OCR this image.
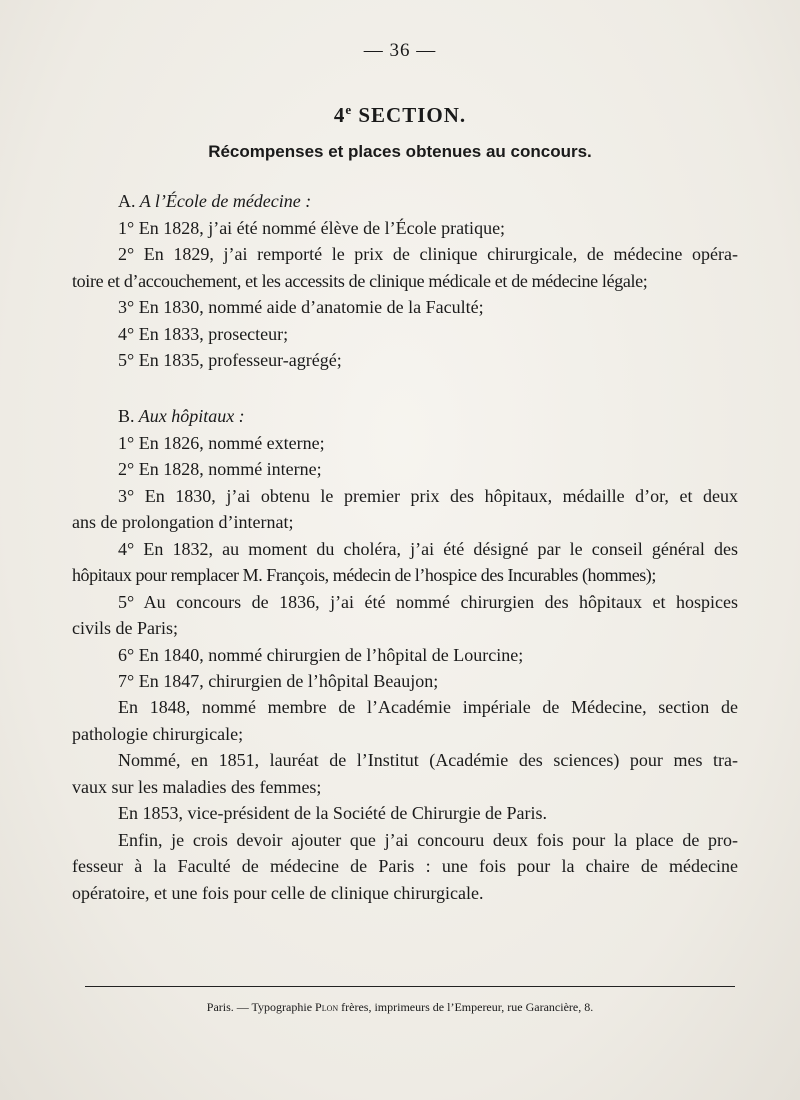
— 36 —
4e SECTION.
Récompenses et places obtenues au concours.
A. A l’École de médecine :
1° En 1828, j’ai été nommé élève de l’École pratique;
2° En 1829, j’ai remporté le prix de clinique chirurgicale, de médecine opéra-
toire et d’accouchement, et les accessits de clinique médicale et de médecine légale;
3° En 1830, nommé aide d’anatomie de la Faculté;
4° En 1833, prosecteur;
5° En 1835, professeur-agrégé;
B. Aux hôpitaux :
1° En 1826, nommé externe;
2° En 1828, nommé interne;
3° En 1830, j’ai obtenu le premier prix des hôpitaux, médaille d’or, et deux
ans de prolongation d’internat;
4° En 1832, au moment du choléra, j’ai été désigné par le conseil général des
hôpitaux pour remplacer M. François, médecin de l’hospice des Incurables (hommes);
5° Au concours de 1836, j’ai été nommé chirurgien des hôpitaux et hospices
civils de Paris;
6° En 1840, nommé chirurgien de l’hôpital de Lourcine;
7° En 1847, chirurgien de l’hôpital Beaujon;
En 1848, nommé membre de l’Académie impériale de Médecine, section de
pathologie chirurgicale;
Nommé, en 1851, lauréat de l’Institut (Académie des sciences) pour mes tra-
vaux sur les maladies des femmes;
En 1853, vice-président de la Société de Chirurgie de Paris.
Enfin, je crois devoir ajouter que j’ai concouru deux fois pour la place de pro-
fesseur à la Faculté de médecine de Paris : une fois pour la chaire de médecine
opératoire, et une fois pour celle de clinique chirurgicale.
Paris. — Typographie Plon frères, imprimeurs de l’Empereur, rue Garancière, 8.
